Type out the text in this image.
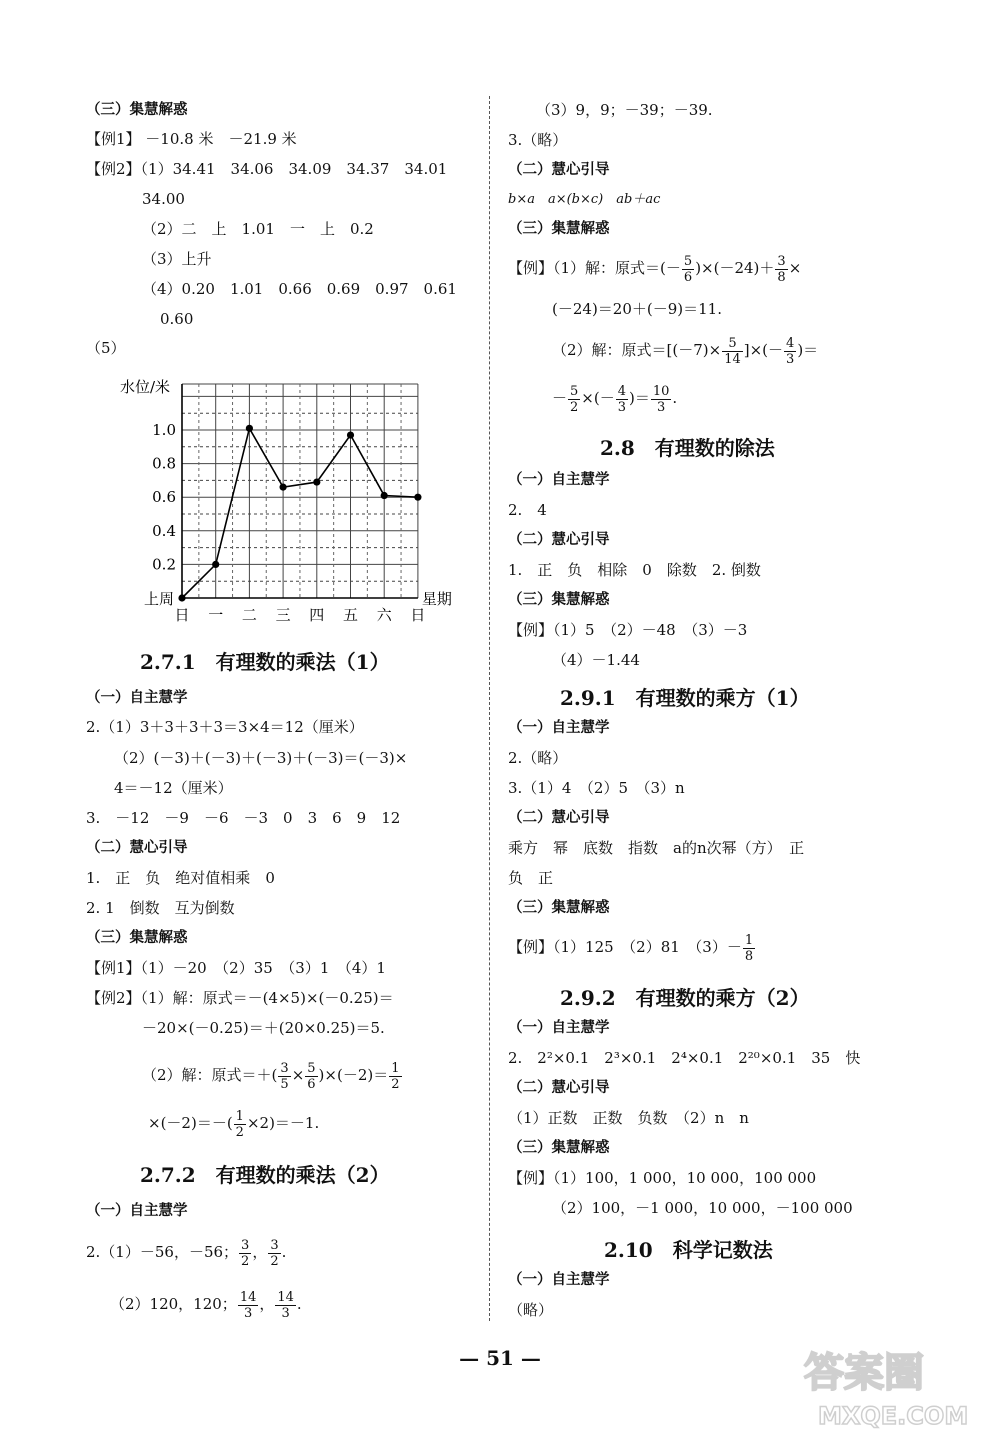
（三）集慧解惑
【例1】 －10.8 米　－21.9 米
【例2】（1）34.41　34.06　34.09　34.37　34.01
34.00
（2）二　上　1.01　一　上　0.2
（3）上升
（4）0.20　1.01　0.66　0.69　0.97　0.61
0.60
（5）
水位/米
0.2
0.4
0.6
0.8
1.0
上周	星期
日 一 二 三 四 五 六 日
2.7.1　有理数的乘法（1）
（一）自主慧学
2.（1）3＋3＋3＋3＝3×4＝12（厘米）
（2）(－3)＋(－3)＋(－3)＋(－3)＝(－3)×
4＝－12（厘米）
3.　－12　－9　－6　－3　0　3　6　9　12
（二）慧心引导
1.　正　负　绝对值相乘　0
2. 1　倒数　互为倒数
（三）集慧解惑
【例1】（1）－20　（2）35　（3）1　（4）1
【例2】（1）解：原式＝－(4×5)×(－0.25)＝
－20×(－0.25)＝＋(20×0.25)＝5.
（2）解：原式＝＋( $\frac{3}{5} \times \frac{5}{6} )\times(-2)= \frac{1}{2}$
$\times(-2)=-( \frac{1}{2} \times 2)=-1$.
2.7.2　有理数的乘法（2）
（一）自主慧学
2.（1）－56，－56； $\frac{3}{2}$ ， $\frac{3}{2}$ .
（2）120，120； $\frac{14}{3}$ ， $\frac{14}{3}$ .
（3）9，9；－39；－39.
3.（略）
（二）慧心引导
b×a　a×(b×c)　ab＋ac
（三）集慧解惑
【例】（1）解：原式＝(－ $\frac{5}{6} )\times(-24)+ \frac{3}{8}$ ×
(－24)＝20＋(－9)＝11.
（2）解：原式$=[(-7)\times \frac{5}{14}$ ]×(－ $\frac{4}{3}$ )＝
－ $\frac{5}{2}$ ×(－ $\frac{4}{3}$ )＝ $\frac{10}{3}$ .
2.8　有理数的除法
（一）自主慧学
2.　4
（二）慧心引导
1.　正　负　相除　0　除数　2. 倒数
（三）集慧解惑
【例】（1）5　（2）－48　（3）－3
（4）－1.44
2.9.1　有理数的乘方（1）
（一）自主慧学
2.（略）
3.（1）4　（2）5　（3）n
（二）慧心引导
乘方　幂　底数　指数　a的n次幂（方）　正
负　正
（三）集慧解惑
【例】（1）125　（2）81　$(3)- \frac{1}{8}$
2.9.2　有理数的乘方（2）
（一）自主慧学
2.　2²×0.1　2³×0.1　2⁴×0.1　2²⁰×0.1　35　快
（二）慧心引导
（1）正数　正数　负数　（2）n　n
（三）集慧解惑
【例】（1）100，1 000，10 000，100 000
（2）100，－1 000，10 000，－100 000
2.10　科学记数法
（一）自主慧学
（略）
— 51 —	答案圈
MXQE.COM
